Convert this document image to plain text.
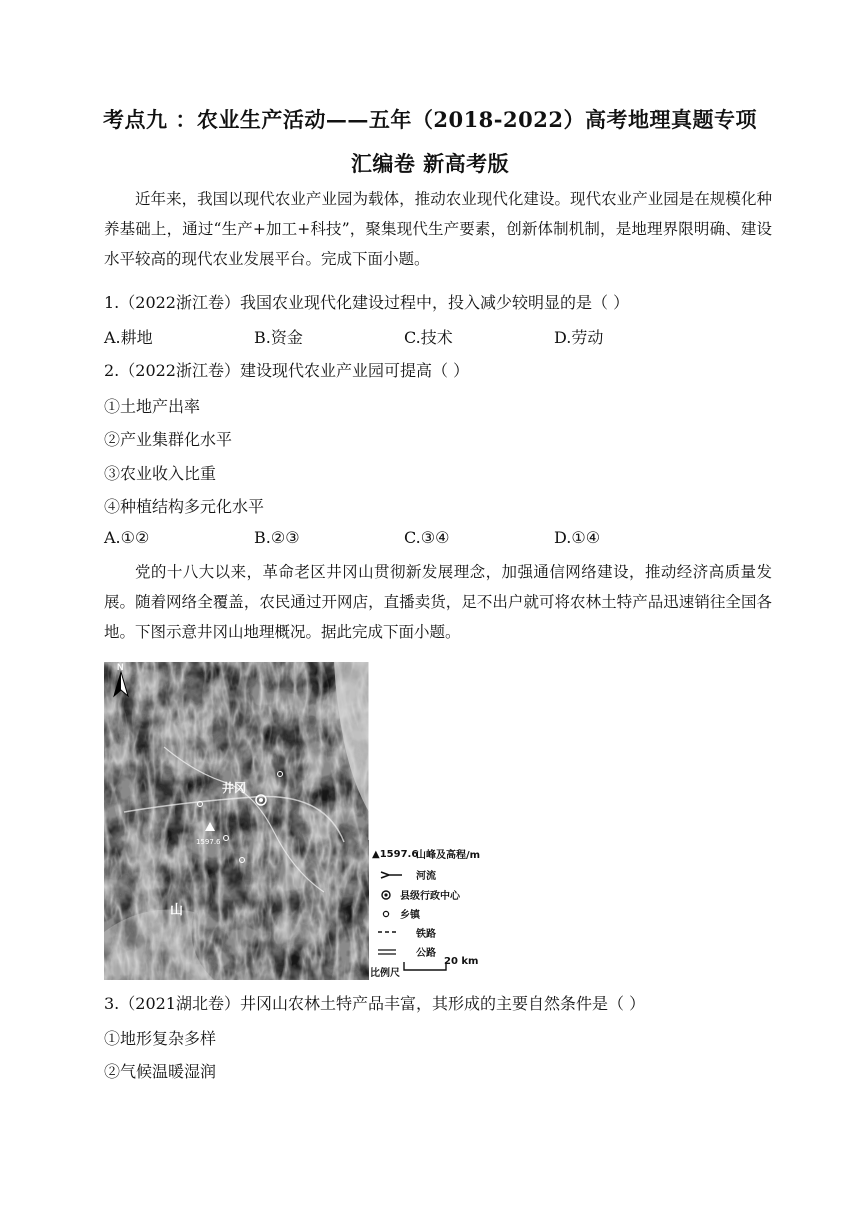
考点九 ：农业生产活动——五年（2018-2022）高考地理真题专项
汇编卷 新高考版
近年来，我国以现代农业产业园为载体，推动农业现代化建设。现代农业产业园是在规模化种养基础上，通过“生产+加工+科技”，聚集现代生产要素，创新体制机制，是地理界限明确、建设水平较高的现代农业发展平台。完成下面小题。
1.（2022浙江卷）我国农业现代化建设过程中，投入减少较明显的是（ ）
A.耕地	B.资金	C.技术	D.劳动
2.（2022浙江卷）建设现代农业产业园可提高（ ）
①土地产出率
②产业集群化水平
③农业收入比重
④种植结构多元化水平
A.①②	B.②③	C.③④	D.①④
党的十八大以来，革命老区井冈山贯彻新发展理念，加强通信网络建设，推动经济高质量发展。随着网络全覆盖，农民通过开网店，直播卖货，足不出户就可将农林土特产品迅速销往全国各地。下图示意井冈山地理概况。据此完成下面小题。
N
井冈
1597.6
山
▲1597.6
山峰及高程/m
河流
县级行政中心
乡镇
铁路
公路
比例尺
20 km
3.（2021湖北卷）井冈山农林土特产品丰富，其形成的主要自然条件是（ ）
①地形复杂多样
②气候温暖湿润
